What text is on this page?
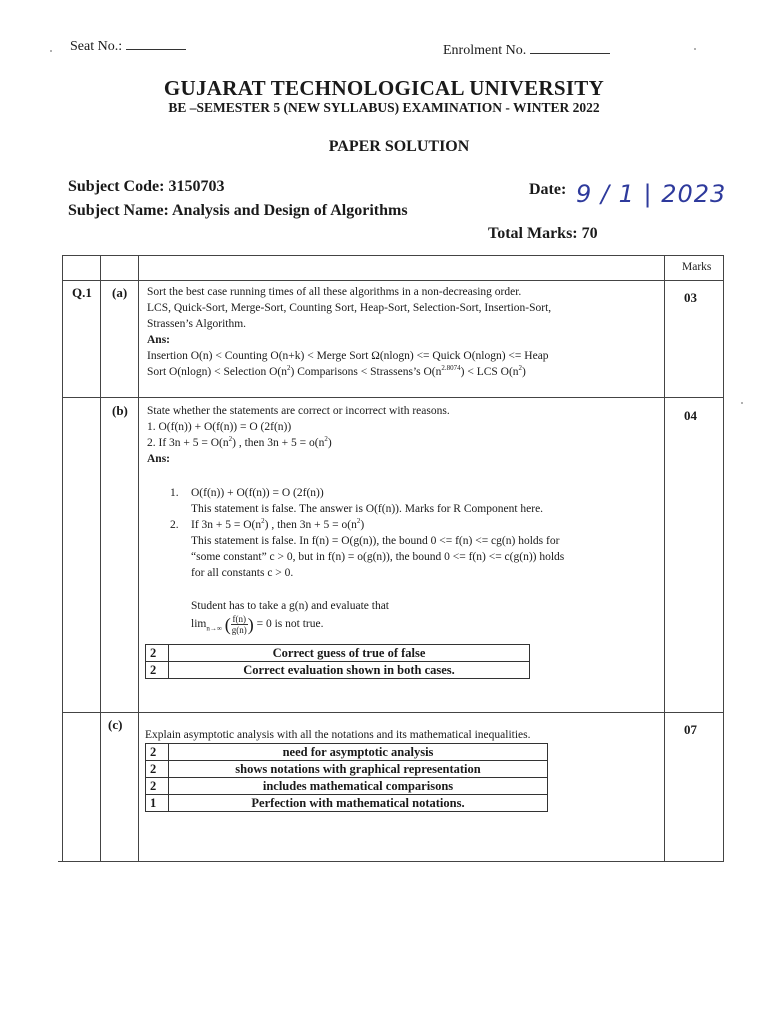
Seat No.:	Enrolment No.
GUJARAT TECHNOLOGICAL UNIVERSITY
BE –SEMESTER 5 (NEW SYLLABUS) EXAMINATION - WINTER 2022
PAPER SOLUTION
Subject Code: 3150703
Subject Name: Analysis and Design of Algorithms
Date: 9 / 1 | 2023
Total Marks: 70
Marks
Q.1 (a)	03
Sort the best case running times of all these algorithms in a non-decreasing order.
LCS, Quick-Sort, Merge-Sort, Counting Sort, Heap-Sort, Selection-Sort, Insertion-Sort,
Strassen’s Algorithm.
Ans:
Insertion O(n) < Counting O(n+k) < Merge Sort Ω(nlogn) <= Quick O(nlogn) <= Heap
Sort O(nlogn) < Selection $O(n^2)$ Comparisons < Strassens’s $O(n^{2.8074})$ < LCS $O(n^2)$
(b)	04
State whether the statements are correct or incorrect with reasons.
1. O(f(n)) + O(f(n)) = O (2f(n))
2. If $3n + 5 = O(n^2)$ , then $3n + 5 = o(n^2)$
Ans:
1. O(f(n)) + O(f(n)) = O (2f(n))
This statement is false. The answer is O(f(n)). Marks for R Component here.
2. If $3n + 5 = O(n^2)$ , then $3n + 5 = o(n^2)$
This statement is false. In f(n) = O(g(n)), the bound 0 <= f(n) <= cg(n) holds for
“some constant” c > 0, but in f(n) = o(g(n)), the bound 0 <= f(n) <= c(g(n)) holds
for all constants c > 0.
Student has to take a g(n) and evaluate that
$\lim_{n\to\infty}$ ( $\frac{f(n)}{g(n)}$ ) = 0 is not true.
2	Correct guess of true of false
2	Correct evaluation shown in both cases.
(c)	07
Explain asymptotic analysis with all the notations and its mathematical inequalities.
2	need for asymptotic analysis
2	shows notations with graphical representation
2	includes mathematical comparisons
1	Perfection with mathematical notations.
